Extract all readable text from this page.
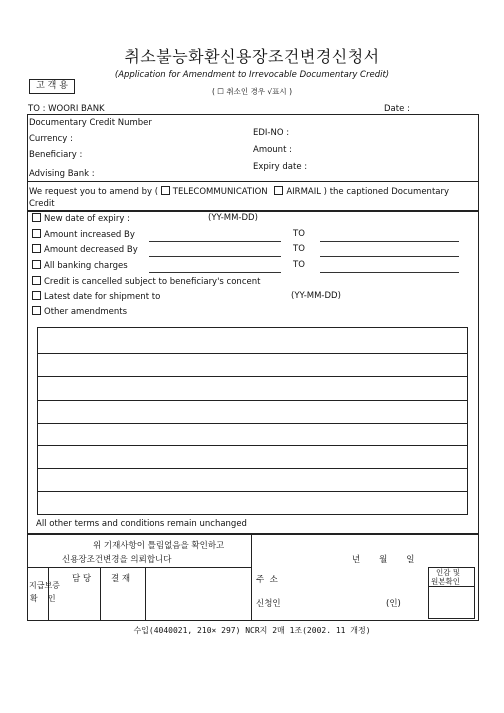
취소불능화환신용장조건변경신청서
(Application for Amendment to Irrevocable Documentary Credit)
고 객 용
( ☐ 취소인 경우 √표시 )
TO : WOORI BANK	Date :
Documentary Credit Number
Currency :
Beneficiary :
Advising Bank :
EDI-NO :
Amount :
Expiry date :
We request you to amend by ( TELECOMMUNICATION AIRMAIL ) the captioned Documentary
Credit
New date of expiry :	(YY-MM-DD)
Amount increased By	TO
Amount decreased By	TO
All banking charges	TO
Credit is cancelled subject to beneficiary's concent
Latest date for shipment to	(YY-MM-DD)
Other amendments
All other terms and conditions remain unchanged
위 기재사항이 틀림없음을 확인하고
신용장조건변경을 의뢰합니다	년       월       일
지급보증
확    인
담 당 결 재	주  소
신청인	(인)
인감 및
원본확인
수입(4040021, 210× 297) NCR지 2매 1조(2002. 11 개정)
